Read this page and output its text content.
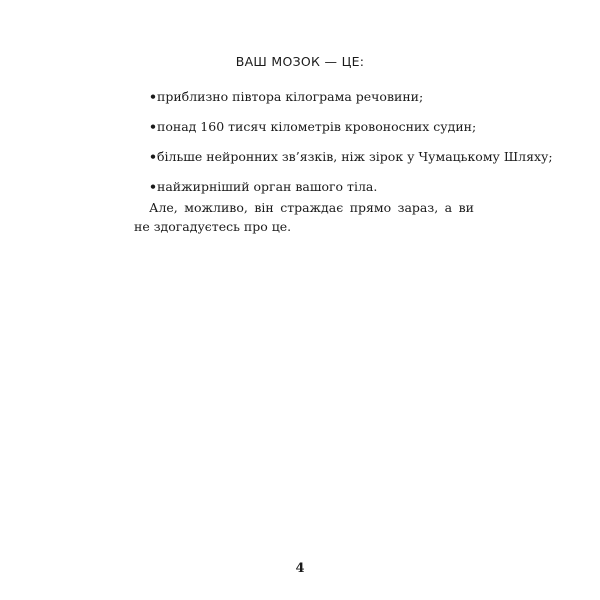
ВАШ МОЗОК — ЦЕ:
•приблизно півтора кілограма речовини;
•понад 160 тисяч кілометрів кровоносних судин;
•більше нейронних зв’язків, ніж зірок у Чумацькому Шляху;
•найжирніший орган вашого тіла.

Але, можливо, він страждає прямо зараз, а ви не здогадуєтесь про це.

4
